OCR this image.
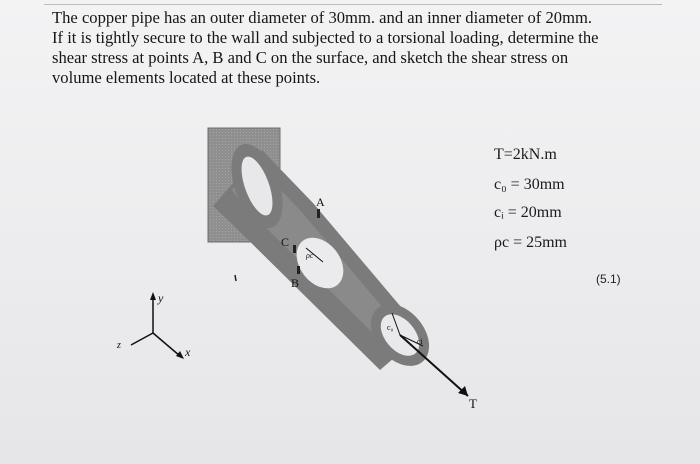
The copper pipe has an outer diameter of 30mm. and an inner diameter of 20mm.
If it is tightly secure to the wall and subjected to a torsional loading, determine the
shear stress at points A, B and C on the surface, and sketch the shear stress on
volume elements located at these points.
A
C
B
ρc
c₀
ci
T
y
x
z
T=2kN.m
c₀ = 30mm
cᵢ = 20mm
ρc = 25mm
(5.1)
